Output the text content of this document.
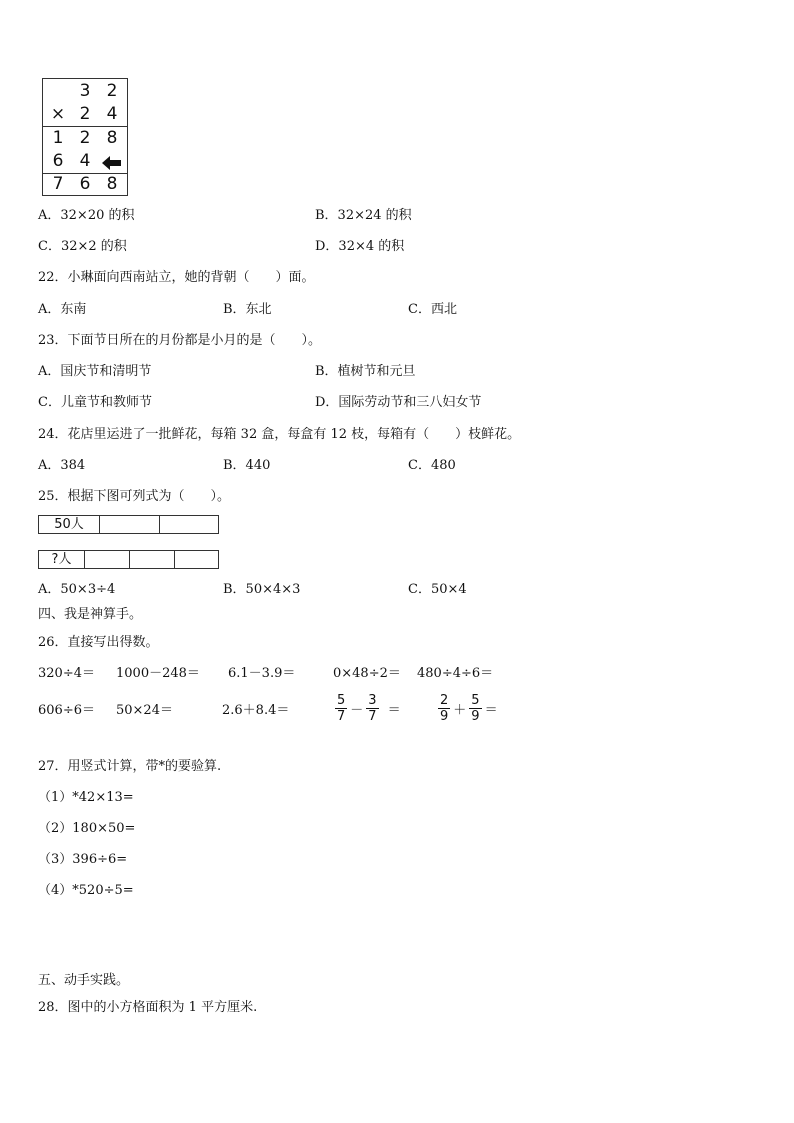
3 2
× 2 4
1 2 8
6 4
7 6 8
A．32×20 的积	B．32×24 的积
C．32×2 的积	D．32×4 的积
22．小琳面向西南站立，她的背朝（　　）面。
A．东南	B．东北	C．西北
23．下面节日所在的月份都是小月的是（　　）。
A．国庆节和清明节	B．植树节和元旦
C．儿童节和教师节	D．国际劳动节和三八妇女节
24．花店里运进了一批鲜花，每箱 32 盒，每盒有 12 枝，每箱有（　　）枝鲜花。
A．384	B．440	C．480
25．根据下图可列式为（　　）。
50人
?人
A．50×3÷4	B．50×4×3	C．50×4
四、我是神算手。
26．直接写出得数。
320÷4＝ 1000－248＝ 6.1－3.9＝	0×48÷2＝ 480÷4÷6＝
606÷6＝ 50×24＝	2.6＋8.4＝	$\frac{5}{7} - \frac{3}{7}$ ＝	$\frac{2}{9} + \frac{5}{9}$ ＝
27．用竖式计算，带*的要验算.
（1）*42×13=
（2）180×50=
（3）396÷6=
（4）*520÷5=
五、动手实践。
28．图中的小方格面积为 1 平方厘米.
